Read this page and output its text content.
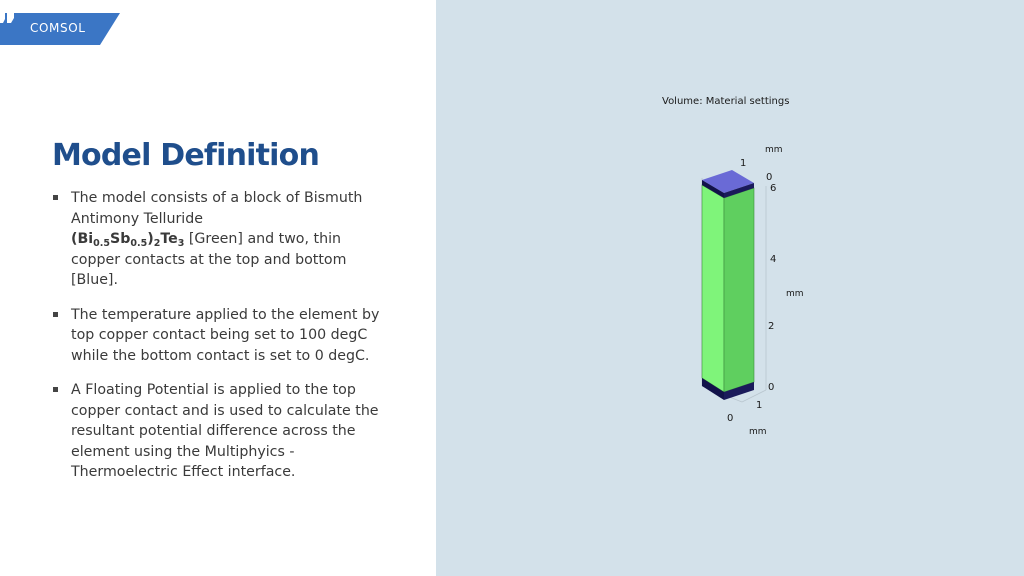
COMSOL
Model Definition
The model consists of a block of Bismuth Antimony Telluride
$(Bi_{0.5}Sb_{0.5})_2Te_3$ [Green] and two, thin copper contacts at the top and bottom [Blue].
The temperature applied to the element by top copper contact being set to 100 degC while the bottom contact is set to 0 degC.
A Floating Potential is applied to the top copper contact and is used to calculate the resultant potential difference across the element using the Multiphyics - Thermoelectric Effect interface.
Volume: Material settings
mm
1
0
6
4
mm
2
0
1
0
mm
